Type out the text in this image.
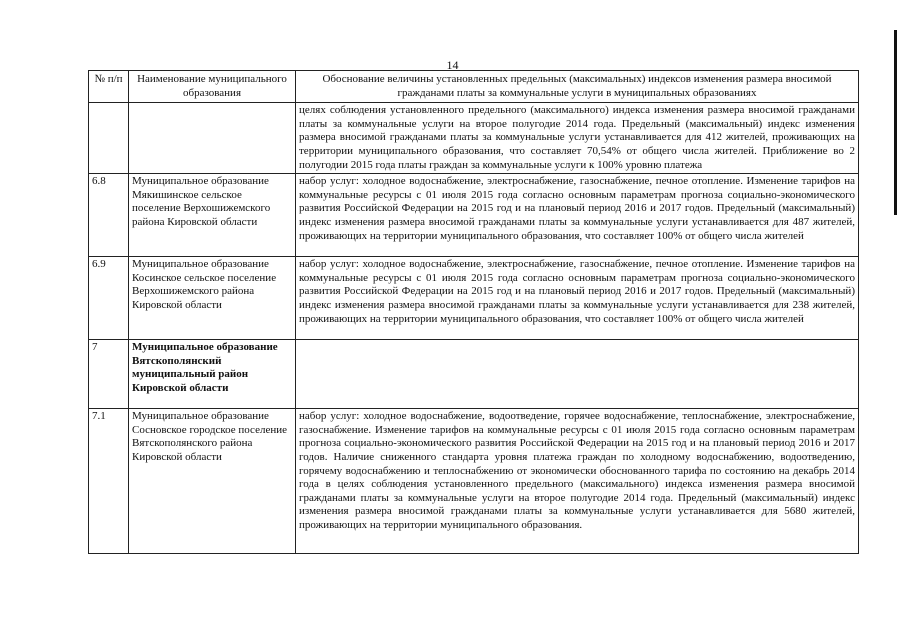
14
№ п/п	Наименование муниципального образования	Обоснование величины установленных предельных (максимальных) индексов изменения размера вносимой гражданами платы за коммунальные услуги в муниципальных образованиях
		целях соблюдения установленного предельного (максимального) индекса изменения размера вносимой гражданами платы за коммунальные услуги на второе полугодие 2014 года. Предельный (максимальный) индекс изменения размера вносимой гражданами платы за коммунальные услуги устанавливается для 412 жителей, проживающих на территории муниципального образования, что составляет 70,54% от общего числа жителей. Приближение во 2 полугодии 2015 года платы граждан за коммунальные услуги к 100% уровню платежа
6.8	Муниципальное образование Мякишинское сельское поселение Верхошижемского района Кировской области	набор услуг: холодное водоснабжение, электроснабжение, газоснабжение, печное отопление. Изменение тарифов на коммунальные ресурсы с 01 июля 2015 года согласно основным параметрам прогноза социально-экономического развития Российской Федерации на 2015 год и на плановый период 2016 и 2017 годов. Предельный (максимальный) индекс изменения размера вносимой гражданами платы за коммунальные услуги устанавливается для 487 жителей, проживающих на территории муниципального образования, что составляет 100% от общего числа жителей
6.9	Муниципальное образование Косинское сельское поселение Верхошижемского района Кировской области	набор услуг: холодное водоснабжение, электроснабжение, газоснабжение, печное отопление. Изменение тарифов на коммунальные ресурсы с 01 июля 2015 года согласно основным параметрам прогноза социально-экономического развития Российской Федерации на 2015 год и на плановый период 2016 и 2017 годов. Предельный (максимальный) индекс изменения размера вносимой гражданами платы за коммунальные услуги устанавливается для 238 жителей, проживающих на территории муниципального образования, что составляет 100% от общего числа жителей
7	Муниципальное образование Вятскополянский муниципальный район Кировской области	
7.1	Муниципальное образование Сосновское городское поселение Вятскополянского района Кировской области	набор услуг: холодное водоснабжение, водоотведение, горячее водоснабжение, теплоснабжение, электроснабжение, газоснабжение. Изменение тарифов на коммунальные ресурсы с 01 июля 2015 года согласно основным параметрам прогноза социально-экономического развития Российской Федерации на 2015 год и на плановый период 2016 и 2017 годов. Наличие сниженного стандарта уровня платежа граждан по холодному водоснабжению, водоотведению, горячему водоснабжению и теплоснабжению от экономически обоснованного тарифа по состоянию на декабрь 2014 года в целях соблюдения установленного предельного (максимального) индекса изменения размера вносимой гражданами платы за коммунальные услуги на второе полугодие 2014 года. Предельный (максимальный) индекс изменения размера вносимой гражданами платы за коммунальные услуги устанавливается для 5680 жителей, проживающих на территории муниципального образования.
